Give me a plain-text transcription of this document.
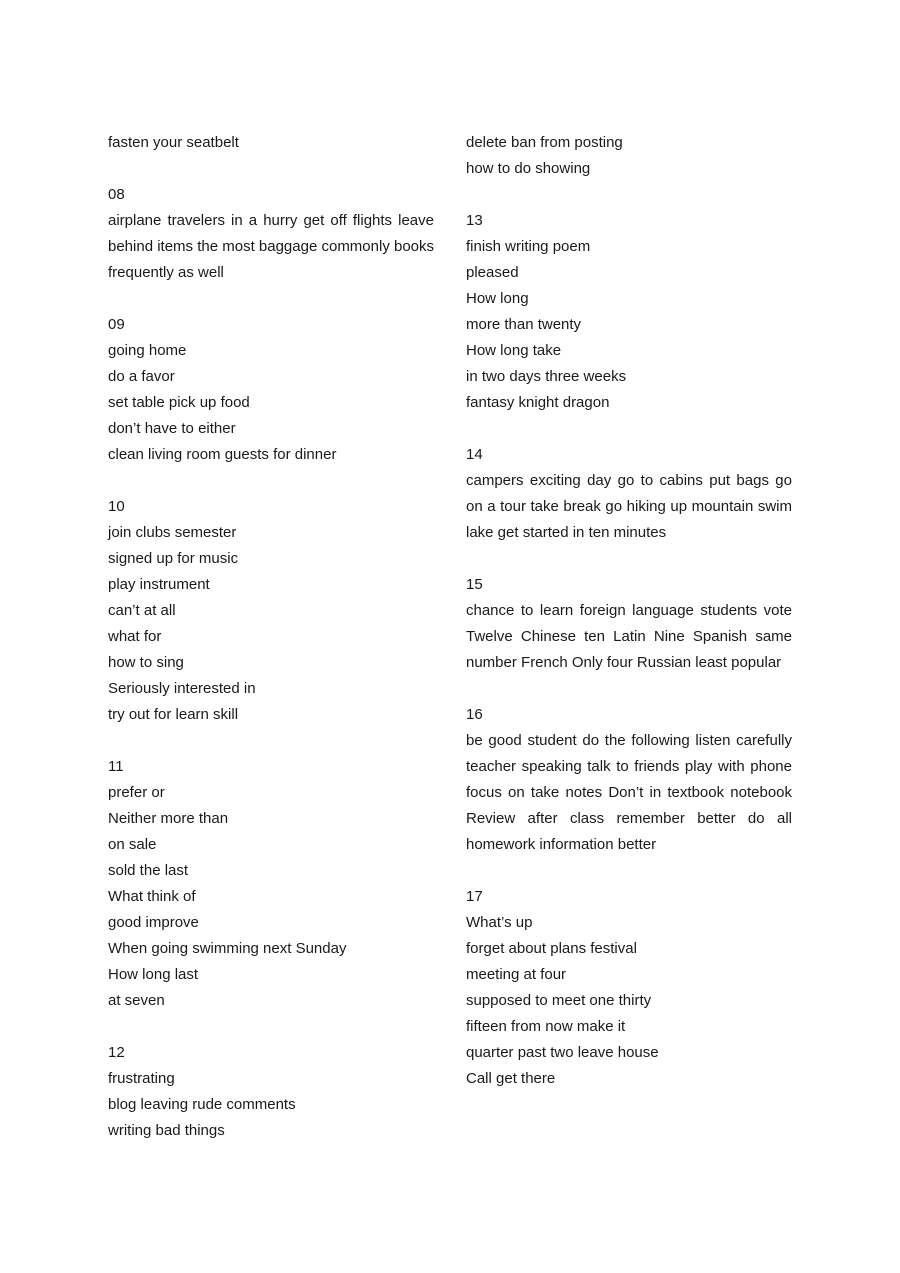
fasten your seatbelt
08
airplane travelers in a hurry get off flights leave behind items the most baggage commonly books frequently as well
09
going home
do a favor
set table pick up food
don’t have to either
clean living room guests for dinner
10
join clubs semester
signed up for music
play instrument
can’t at all
what for
how to sing
Seriously interested in
try out for learn skill
11
prefer or
Neither more than
on sale
sold the last
What think of
good improve
When going swimming next Sunday
How long last
at seven
12
frustrating
blog leaving rude comments
writing bad things
delete ban from posting
how to do showing
13
finish writing poem
pleased
How long
more than twenty
How long take
in two days three weeks
fantasy knight dragon
14
campers exciting day go to cabins put bags go on a tour take break go hiking up mountain swim lake get started in ten minutes
15
chance to learn foreign language students vote Twelve Chinese ten Latin Nine Spanish same number French Only four Russian least popular
16
be good student do the following listen carefully teacher speaking talk to friends play with phone focus on take notes Don’t in textbook notebook Review after class remember better do all homework information better
17
What’s up
forget about plans festival
meeting at four
supposed to meet one thirty
fifteen from now make it
quarter past two leave house
Call get there
